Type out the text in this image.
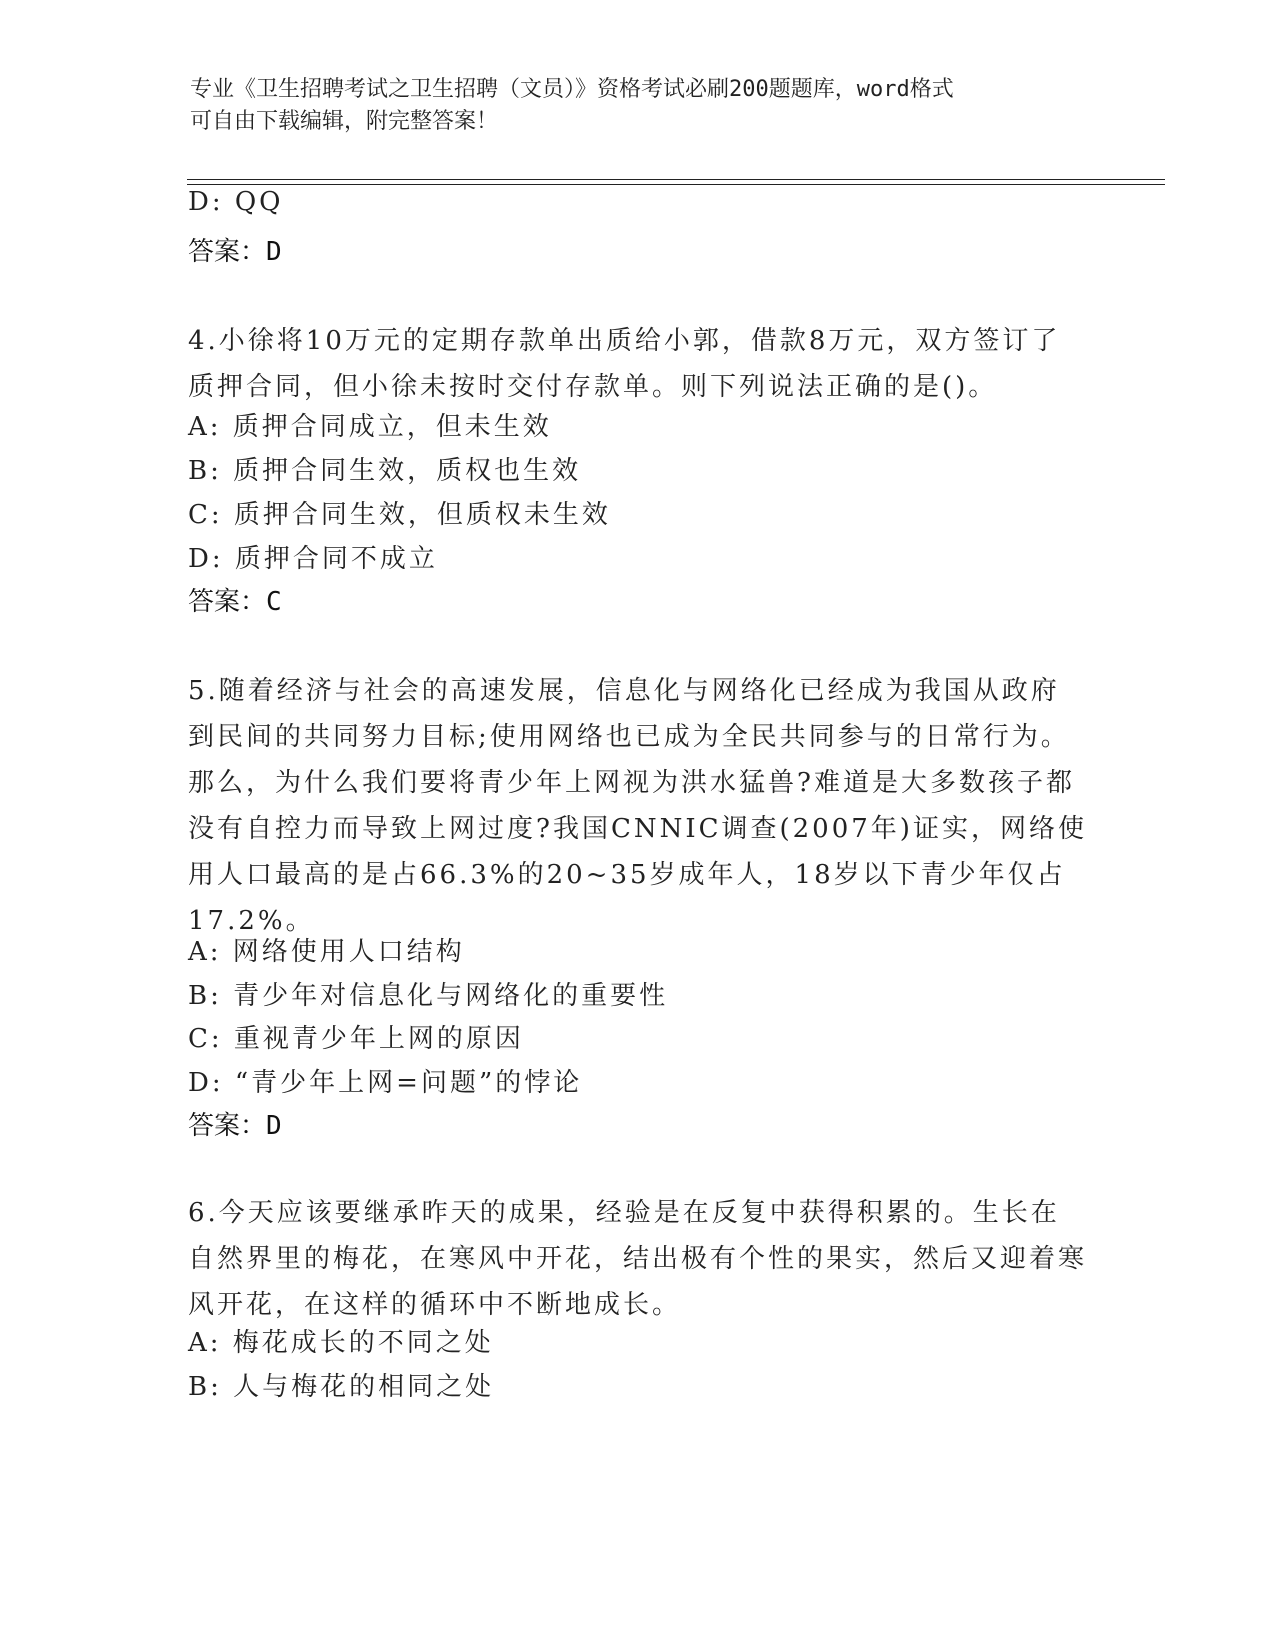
专业《卫生招聘考试之卫生招聘（文员）》资格考试必刷200题题库，word格式
可自由下载编辑，附完整答案！
D: QQ
答案：D
4.小徐将10万元的定期存款单出质给小郭，借款8万元，双方签订了质押合同，但小徐未按时交付存款单。则下列说法正确的是()。
A: 质押合同成立，但未生效
B: 质押合同生效，质权也生效
C: 质押合同生效，但质权未生效
D: 质押合同不成立
答案：C
5.随着经济与社会的高速发展，信息化与网络化已经成为我国从政府到民间的共同努力目标;使用网络也已成为全民共同参与的日常行为。那么，为什么我们要将青少年上网视为洪水猛兽?难道是大多数孩子都没有自控力而导致上网过度?我国CNNIC调查(2007年)证实，网络使用人口最高的是占66.3%的20~35岁成年人，18岁以下青少年仅占17.2%。
A: 网络使用人口结构
B: 青少年对信息化与网络化的重要性
C: 重视青少年上网的原因
D: “青少年上网=问题”的悖论
答案：D
6.今天应该要继承昨天的成果，经验是在反复中获得积累的。生长在自然界里的梅花，在寒风中开花，结出极有个性的果实，然后又迎着寒风开花，在这样的循环中不断地成长。
A: 梅花成长的不同之处
B: 人与梅花的相同之处
